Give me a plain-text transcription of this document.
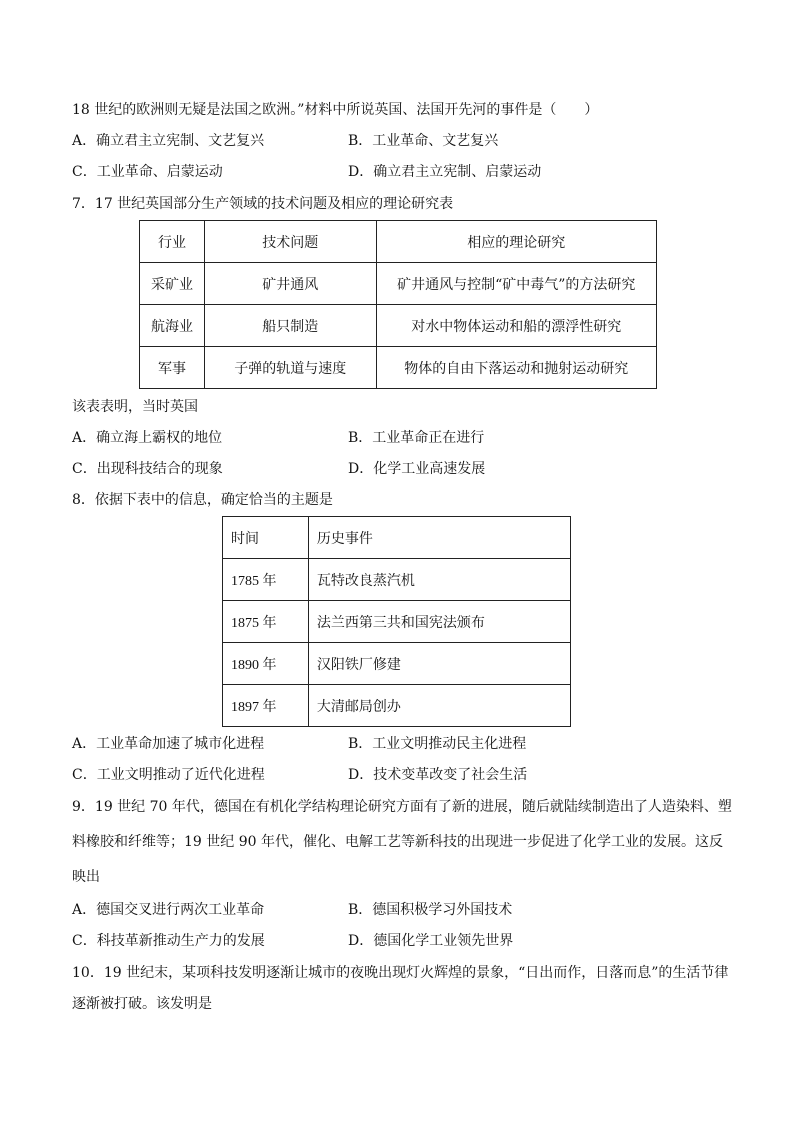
18 世纪的欧洲则无疑是法国之欧洲。”材料中所说英国、法国开先河的事件是（　　）
A．确立君主立宪制、文艺复兴	B．工业革命、文艺复兴
C．工业革命、启蒙运动	D．确立君主立宪制、启蒙运动
7．17 世纪英国部分生产领域的技术问题及相应的理论研究表
行业	技术问题	相应的理论研究
采矿业	矿井通风	矿井通风与控制“矿中毒气”的方法研究
航海业	船只制造	对水中物体运动和船的漂浮性研究
军事	子弹的轨道与速度	物体的自由下落运动和抛射运动研究
该表表明，当时英国
A．确立海上霸权的地位	B．工业革命正在进行
C．出现科技结合的现象	D．化学工业高速发展
8．依据下表中的信息，确定恰当的主题是
时间	历史事件
1785 年	瓦特改良蒸汽机
1875 年	法兰西第三共和国宪法颁布
1890 年	汉阳铁厂修建
1897 年	大清邮局创办
A．工业革命加速了城市化进程	B．工业文明推动民主化进程
C．工业文明推动了近代化进程	D．技术变革改变了社会生活
9．19 世纪 70 年代，德国在有机化学结构理论研究方面有了新的进展，随后就陆续制造出了人造染料、塑
料橡胶和纤维等；19 世纪 90 年代，催化、电解工艺等新科技的出现进一步促进了化学工业的发展。这反
映出
A．德国交叉进行两次工业革命	B．德国积极学习外国技术
C．科技革新推动生产力的发展	D．德国化学工业领先世界
10．19 世纪末，某项科技发明逐渐让城市的夜晚出现灯火辉煌的景象，“日出而作，日落而息”的生活节律
逐渐被打破。该发明是
